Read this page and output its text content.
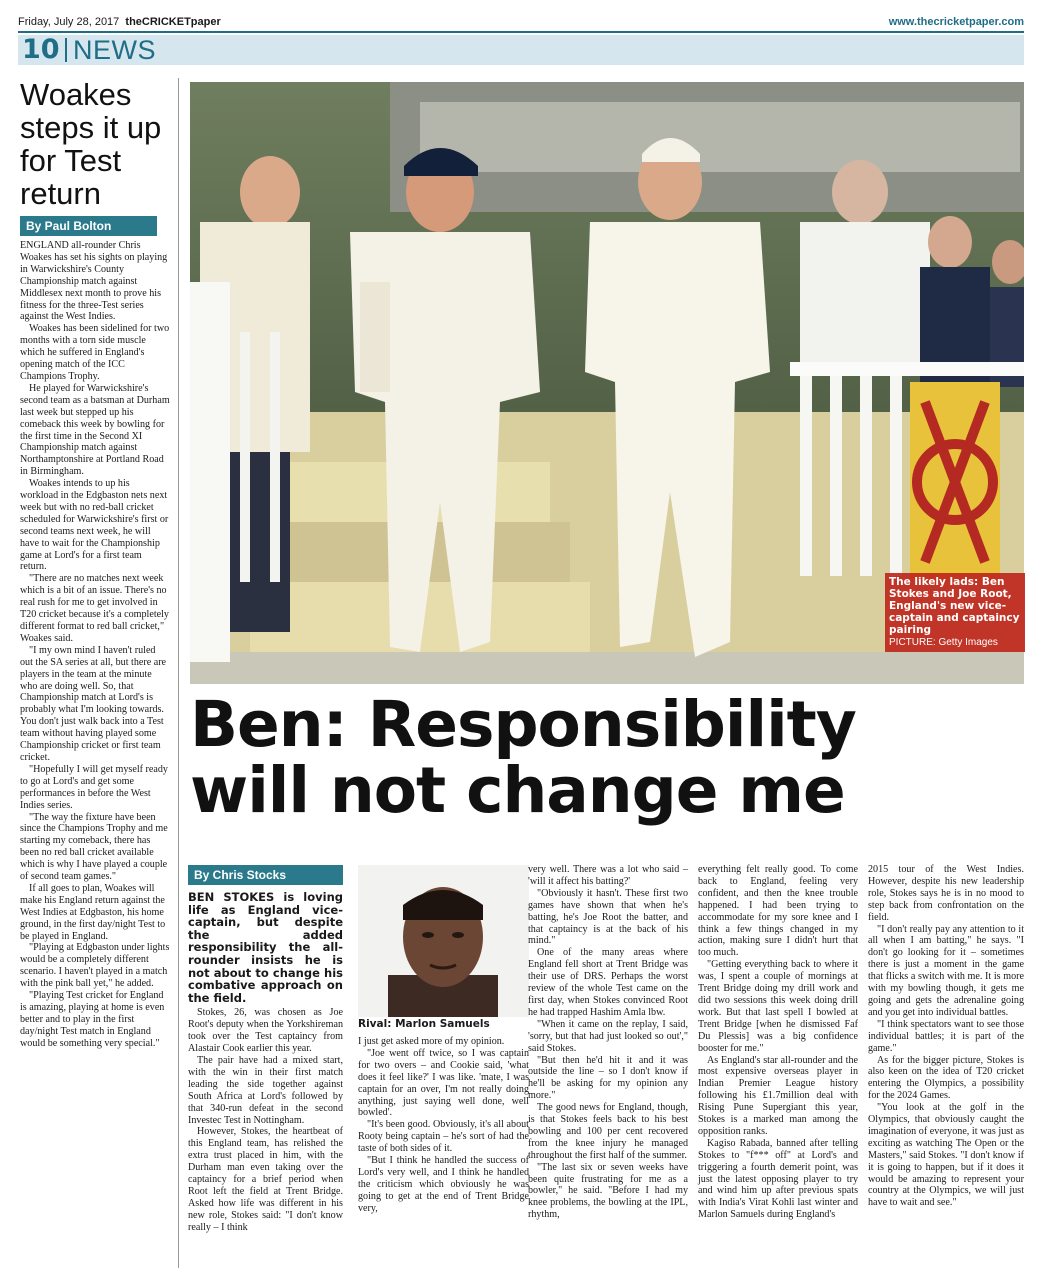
Friday, July 28, 2017 theCRICKETpaper	www.thecricketpaper.com
10 NEWS
Woakes steps it up for Test return
By Paul Bolton

ENGLAND all-rounder Chris Woakes has set his sights on playing in Warwickshire's County Championship match against Middlesex next month to prove his fitness for the three-Test series against the West Indies.

Woakes has been sidelined for two months with a torn side muscle which he suffered in England's opening match of the ICC Champions Trophy.

He played for Warwickshire's second team as a batsman at Durham last week but stepped up his comeback this week by bowling for the first time in the Second XI Championship match against Northamptonshire at Portland Road in Birmingham.

Woakes intends to up his workload in the Edgbaston nets next week but with no red-ball cricket scheduled for Warwickshire's first or second teams next week, he will have to wait for the Championship game at Lord's for a first team return.

"There are no matches next week which is a bit of an issue. There's no real rush for me to get involved in T20 cricket because it's a completely different format to red ball cricket," Woakes said.

"I my own mind I haven't ruled out the SA series at all, but there are players in the team at the minute who are doing well. So, that Championship match at Lord's is probably what I'm looking towards. You don't just walk back into a Test team without having played some Championship cricket or first team cricket.

"Hopefully I will get myself ready to go at Lord's and get some performances in before the West Indies series.

"The way the fixture have been since the Champions Trophy and me starting my comeback, there has been no red ball cricket available which is why I have played a couple of second team games."

If all goes to plan, Woakes will make his England return against the West Indies at Edgbaston, his home ground, in the first day/night Test to be played in England.

"Playing at Edgbaston under lights would be a completely different scenario. I haven't played in a match with the pink ball yet," he added.

"Playing Test cricket for England is amazing, playing at home is even better and to play in the first day/night Test match in England would be something very special."

The likely lads: Ben Stokes and Joe Root, England's new vice-captain and captaincy pairing
PICTURE: Getty Images
Ben: Responsibility
will not change me
By Chris Stocks
BEN STOKES is loving life as England vice-captain, but despite the added responsibility the all-rounder insists he is not about to change his combative approach on the field.

Stokes, 26, was chosen as Joe Root's deputy when the Yorkshireman took over the Test captaincy from Alastair Cook earlier this year.

The pair have had a mixed start, with the win in their first match leading the side together against South Africa at Lord's followed by that 340-run defeat in the second Investec Test in Nottingham.

However, Stokes, the heartbeat of this England team, has relished the extra trust placed in him, with the Durham man even taking over the captaincy for a brief period when Root left the field at Trent Bridge. Asked how life was different in his new role, Stokes said: "I don't know really – I think

Rival: Marlon Samuels

I just get asked more of my opinion.

"Joe went off twice, so I was captain for two overs – and Cookie said, 'what does it feel like?' I was like. 'mate, I was captain for an over, I'm not really doing anything, just saying well done, well bowled'.

"It's been good. Obviously, it's all about Rooty being captain – he's sort of had the taste of both sides of it.

"But I think he handled the success of Lord's very well, and I think he handled the criticism which obviously he was going to get at the end of Trent Bridge very,

very well. There was a lot who said – 'will it affect his batting?'

"Obviously it hasn't. These first two games have shown that when he's batting, he's Joe Root the batter, and that captaincy is at the back of his mind."

One of the many areas where England fell short at Trent Bridge was their use of DRS. Perhaps the worst review of the whole Test came on the first day, when Stokes convinced Root he had trapped Hashim Amla lbw.

"When it came on the replay, I said, 'sorry, but that had just looked so out'," said Stokes.

"But then he'd hit it and it was outside the line – so I don't know if he'll be asking for my opinion any more."

The good news for England, though, is that Stokes feels back to his best bowling and 100 per cent recovered from the knee injury he managed throughout the first half of the summer.

"The last six or seven weeks have been quite frustrating for me as a bowler," he said. "Before I had my knee problems, the bowling at the IPL, rhythm,

everything felt really good. To come back to England, feeling very confident, and then the knee trouble happened. I had been trying to accommodate for my sore knee and I think a few things changed in my action, making sure I didn't hurt that too much.

"Getting everything back to where it was, I spent a couple of mornings at Trent Bridge doing my drill work and did two sessions this week doing drill work. But that last spell I bowled at Trent Bridge [when he dismissed Faf Du Plessis] was a big confidence booster for me."

As England's star all-rounder and the most expensive overseas player in Indian Premier League history following his £1.7million deal with Rising Pune Supergiant this year, Stokes is a marked man among the opposition ranks.

Kagiso Rabada, banned after telling Stokes to "f*** off" at Lord's and triggering a fourth demerit point, was just the latest opposing player to try and wind him up after previous spats with India's Virat Kohli last winter and Marlon Samuels during England's

2015 tour of the West Indies. However, despite his new leadership role, Stokes says he is in no mood to step back from confrontation on the field.

"I don't really pay any attention to it all when I am batting," he says. "I don't go looking for it – sometimes there is just a moment in the game that flicks a switch with me. It is more with my bowling though, it gets me going and gets the adrenaline going and you get into individual battles.

"I think spectators want to see those individual battles; it is part of the game."

As for the bigger picture, Stokes is also keen on the idea of T20 cricket entering the Olympics, a possibility for the 2024 Games.

"You look at the golf in the Olympics, that obviously caught the imagination of everyone, it was just as exciting as watching The Open or the Masters," said Stokes. "I don't know if it is going to happen, but if it does it would be amazing to represent your country at the Olympics, we will just have to wait and see."
